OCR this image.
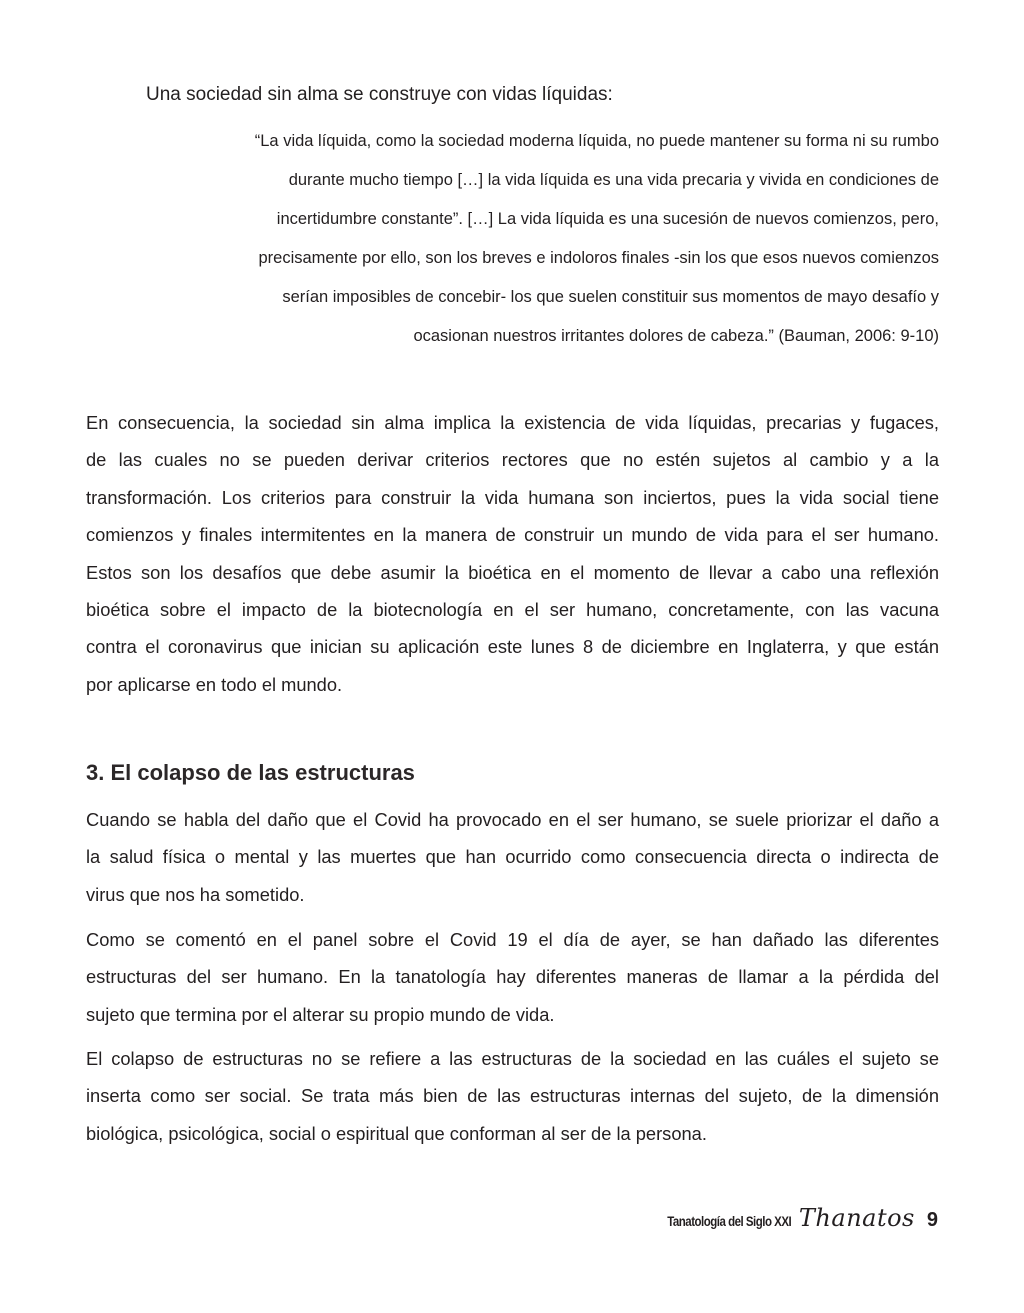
Una sociedad sin alma se construye con vidas líquidas:

“La vida líquida, como la sociedad moderna líquida, no puede mantener su forma ni su rumbo
durante mucho tiempo […] la vida líquida es una vida precaria y vivida en condiciones de
incertidumbre constante”. […] La vida líquida es una sucesión de nuevos comienzos, pero,
precisamente por ello, son los breves e indoloros finales -sin los que esos nuevos comienzos
serían imposibles de concebir- los que suelen constituir sus momentos de mayo desafío y
ocasionan nuestros irritantes dolores de cabeza.” (Bauman, 2006: 9-10)
En consecuencia, la sociedad sin alma implica la existencia de vida líquidas, precarias y fugaces,
de las cuales no se pueden derivar criterios rectores que no estén sujetos al cambio y a la
transformación. Los criterios para construir la vida humana son inciertos, pues la vida social tiene
comienzos y finales intermitentes en la manera de construir un mundo de vida para el ser humano.
Estos son los desafíos que debe asumir la bioética en el momento de llevar a cabo una reflexión
bioética sobre el impacto de la biotecnología en el ser humano, concretamente, con las vacuna
contra el coronavirus que inician su aplicación este lunes 8 de diciembre en Inglaterra, y que están
por aplicarse en todo el mundo.
3. El colapso de las estructuras
Cuando se habla del daño que el Covid ha provocado en el ser humano, se suele priorizar el daño a
la salud física o mental y las muertes que han ocurrido como consecuencia directa o indirecta de
virus que nos ha sometido.
Como se comentó en el panel sobre el Covid 19 el día de ayer, se han dañado las diferentes
estructuras del ser humano. En la tanatología hay diferentes maneras de llamar a la pérdida del
sujeto que termina por el alterar su propio mundo de vida.
El colapso de estructuras no se refiere a las estructuras de la sociedad en las cuáles el sujeto se
inserta como ser social. Se trata más bien de las estructuras internas del sujeto, de la dimensión
biológica, psicológica, social o espiritual que conforman al ser de la persona.
Tanatología del Siglo XXI Thanatos 9
